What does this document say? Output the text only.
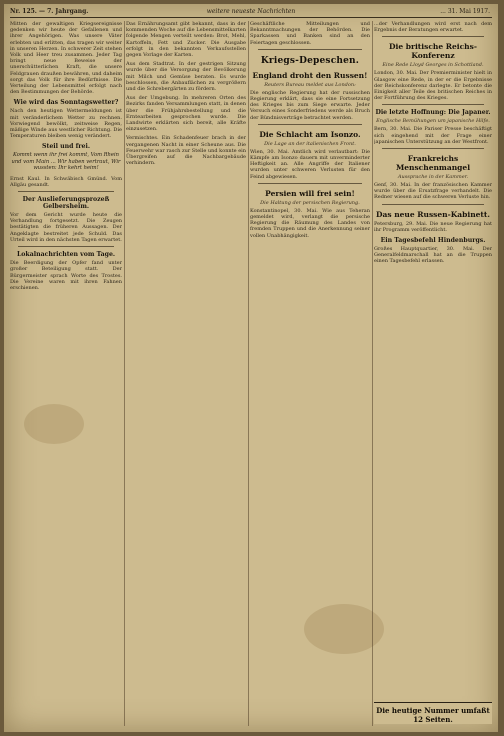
Nr. 125. — 7. Jahrgang.	weitere neueste Nachrichten	... 31. Mai 1917.

Mitten der gewaltigen Kriegsereignisse gedenken wir heute der Gefallenen und ihrer Angehörigen. Was unsere Väter erlebten und erlitten, das tragen wir weiter in unseren Herzen. In schwerer Zeit stehen Volk und Heer treu zusammen. Jeder Tag bringt neue Beweise der unerschütterlichen Kraft, die unsere Feldgrauen draußen bewähren, und daheim sorgt das Volk für ihre Bedürfnisse. Die Verteilung der Lebensmittel erfolgt nach den Bestimmungen der Behörde.

Wie wird das Sonntagswetter?

Nach den heutigen Wettermeldungen ist mit veränderlichem Wetter zu rechnen. Vorwiegend bewölkt, zeitweise Regen, mäßige Winde aus westlicher Richtung. Die Temperaturen bleiben wenig verändert.

Steil und frei.

Kommt wenn ihr frei kommt, Vom Rhein und vom Main ... Wir haben vertraut, Wir wussten: Ihr kehrt heim!

Ernst Kaul. In Schwäbisch Gmünd. Vom Allgäu gesandt.

Der Auslieferungsprozeß Gelbersheim.

Vor dem Gericht wurde heute die Verhandlung fortgesetzt. Die Zeugen bestätigten die früheren Aussagen. Der Angeklagte bestreitet jede Schuld. Das Urteil wird in den nächsten Tagen erwartet.

Lokalnachrichten vom Tage.

Die Beerdigung der Opfer fand unter großer Beteiligung statt. Der Bürgermeister sprach Worte des Trostes. Die Vereine waren mit ihren Fahnen erschienen.

Das Ernährungsamt gibt bekannt, dass in der kommenden Woche auf die Lebensmittelkarten folgende Mengen verteilt werden: Brot, Mehl, Kartoffeln, Fett und Zucker. Die Ausgabe erfolgt in den bekannten Verkaufsstellen gegen Vorlage der Karten.

Aus dem Stadtrat. In der gestrigen Sitzung wurde über die Versorgung der Bevölkerung mit Milch und Gemüse beraten. Es wurde beschlossen, die Anbauflächen zu vergrößern und die Schrebergärten zu fördern.

Aus der Umgebung. In mehreren Orten des Bezirks fanden Versammlungen statt, in denen über die Frühjahrsbestellung und die Erntearbeiten gesprochen wurde. Die Landwirte erklärten sich bereit, alle Kräfte einzusetzen.

Vermischtes. Ein Schadenfeuer brach in der vergangenen Nacht in einer Scheune aus. Die Feuerwehr war rasch zur Stelle und konnte ein Übergreifen auf die Nachbargebäude verhindern.

Geschäftliche Mitteilungen und Bekanntmachungen der Behörden. Die Sparkassen und Banken sind an den Feiertagen geschlossen.

Kriegs-Depeschen.
England droht den Russen!
Reuters Bureau meldet aus London:

Die englische Regierung hat der russischen Regierung erklärt, dass sie eine Fortsetzung des Krieges bis zum Siege erwarte. Jeder Versuch eines Sonderfriedens werde als Bruch der Bündnisverträge betrachtet werden.

Die Schlacht am Isonzo.
Die Lage an der italienischen Front.

Wien, 30. Mai. Amtlich wird verlautbart: Die Kämpfe am Isonzo dauern mit unverminderter Heftigkeit an. Alle Angriffe der Italiener wurden unter schweren Verlusten für den Feind abgewiesen.

Persien will frei sein!
Die Haltung der persischen Regierung.

Konstantinopel, 30. Mai. Wie aus Teheran gemeldet wird, verlangt die persische Regierung die Räumung des Landes von fremden Truppen und die Anerkennung seiner vollen Unabhängigkeit.

...der Verhandlungen wird erst nach dem Ergebnis der Beratungen erwartet.

Die britische Reichs-Konferenz
Eine Rede Lloyd Georges in Schottland.

London, 30. Mai. Der Premierminister hielt in Glasgow eine Rede, in der er die Ergebnisse der Reichskonferenz darlegte. Er betonte die Einigkeit aller Teile des britischen Reiches in der Fortführung des Krieges.

Die letzte Hoffnung: Die Japaner.
Englische Bemühungen um japanische Hilfe.

Bern, 30. Mai. Die Pariser Presse beschäftigt sich eingehend mit der Frage einer japanischen Unterstützung an der Westfront.

Frankreichs Menschenmangel
Aussprache in der Kammer.

Genf, 30. Mai. In der französischen Kammer wurde über die Ersatzfrage verhandelt. Die Redner wiesen auf die schweren Verluste hin.

Das neue Russen-Kabinett.

Petersburg, 29. Mai. Die neue Regierung hat ihr Programm veröffentlicht.

Ein Tagesbefehl Hindenburgs.

Großes Hauptquartier, 30. Mai. Der Generalfeldmarschall hat an die Truppen einen Tagesbefehl erlassen.

Die heutige Nummer umfaßt 12 Seiten.
